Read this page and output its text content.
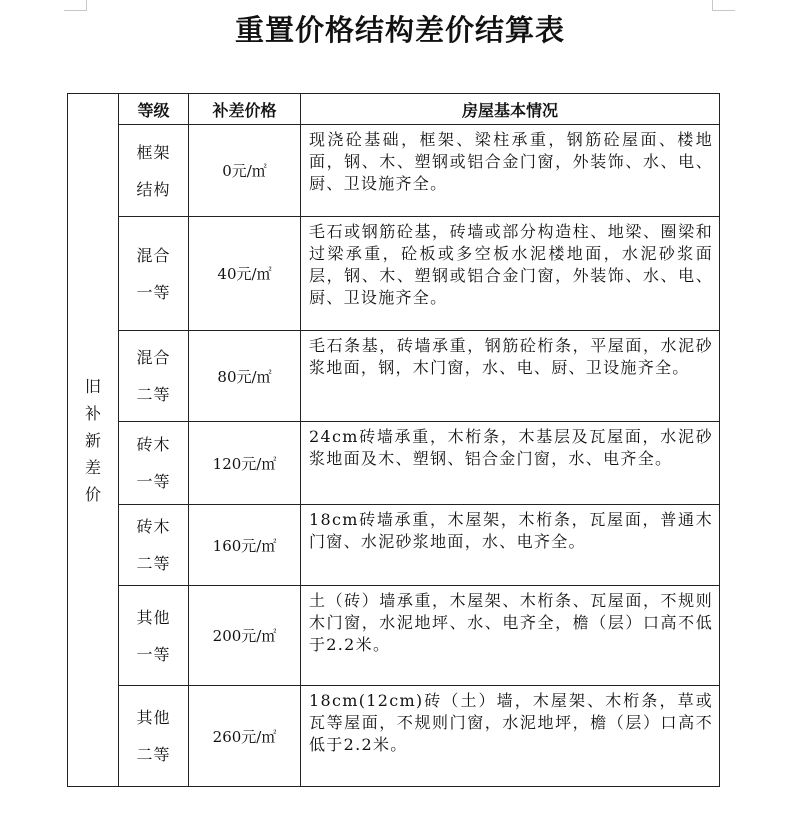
重置价格结构差价结算表
旧补新差价	等级	补差价格	房屋基本情况
	框架结构	0元/㎡	现浇砼基础，框架、梁柱承重，钢筋砼屋面、楼地面，钢、木、塑钢或铝合金门窗，外装饰、水、电、厨、卫设施齐全。
	混合一等	40元/㎡	毛石或钢筋砼基，砖墙或部分构造柱、地梁、圈梁和过梁承重，砼板或多空板水泥楼地面，水泥砂浆面层，钢、木、塑钢或铝合金门窗，外装饰、水、电、厨、卫设施齐全。
	混合二等	80元/㎡	毛石条基，砖墙承重，钢筋砼桁条，平屋面，水泥砂浆地面，钢，木门窗，水、电、厨、卫设施齐全。
	砖木一等	120元/㎡	24cm砖墙承重，木桁条，木基层及瓦屋面，水泥砂浆地面及木、塑钢、铝合金门窗，水、电齐全。
	砖木二等	160元/㎡	18cm砖墙承重，木屋架，木桁条，瓦屋面，普通木门窗、水泥砂浆地面，水、电齐全。
	其他一等	200元/㎡	土（砖）墙承重，木屋架、木桁条、瓦屋面，不规则木门窗，水泥地坪、水、电齐全，檐（层）口高不低于2.2米。
	其他二等	260元/㎡	18cm(12cm)砖（土）墙，木屋架、木桁条，草或瓦等屋面，不规则门窗，水泥地坪，檐（层）口高不低于2.2米。
